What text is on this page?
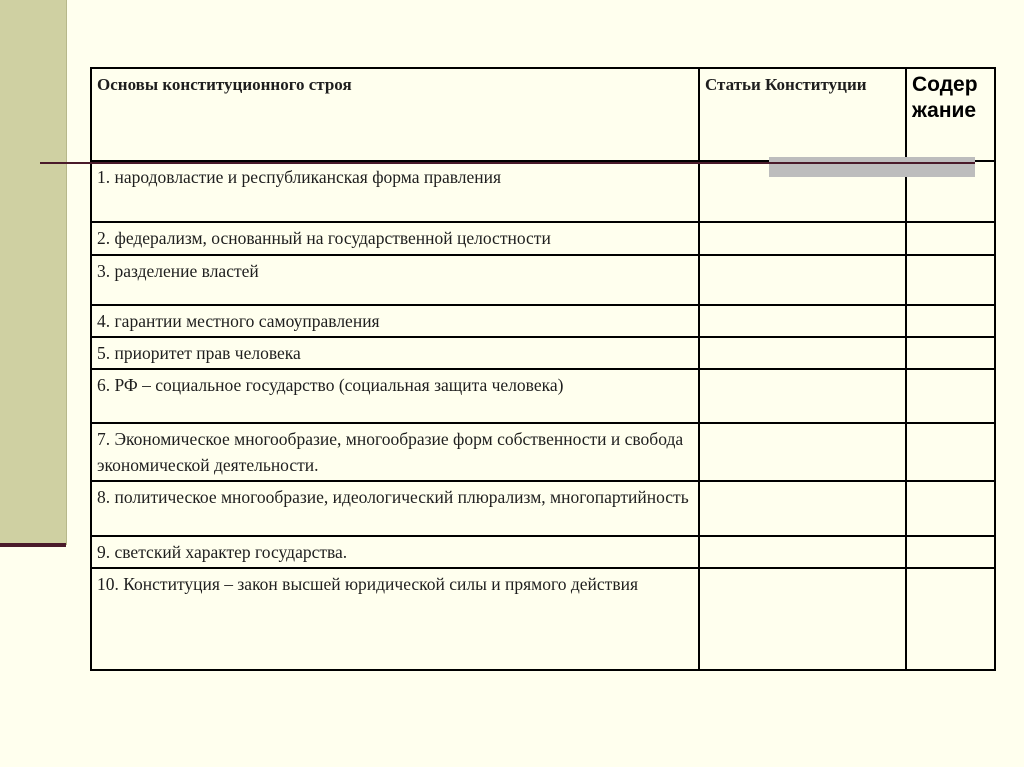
Основы конституционного строя	Статьи Конституции	Содержание
1. народовластие и республиканская форма правления		
2. федерализм, основанный на государственной целостности		
3. разделение властей		
4. гарантии местного самоуправления		
5. приоритет прав человека		
6. РФ – социальное государство (социальная защита человека)		
7. Экономическое многообразие, многообразие форм собственности и свобода экономической деятельности.		
8. политическое многообразие, идеологический плюрализм, многопартийность		
9. светский характер государства.		
10. Конституция – закон высшей юридической силы и прямого действия		
